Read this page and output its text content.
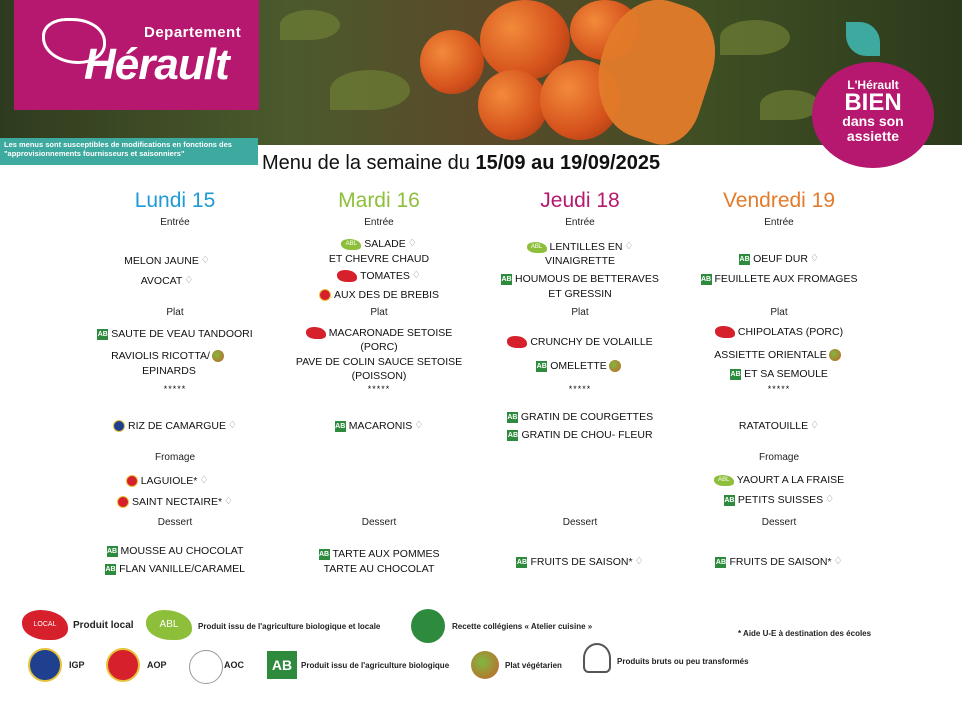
Departement
Hérault
Les menus sont susceptibles de modifications en fonctions des "approvisionnements fournisseurs et saisonniers"
L'Hérault
BIEN
dans son
assiette
Menu de la semaine du 15/09 au 19/09/2025
Lundi 15
Entrée
MELON JAUNE ♢
AVOCAT ♢
Plat
AB SAUTE DE VEAU TANDOORI
RAVIOLIS RICOTTA/
EPINARDS
*****
RIZ DE CAMARGUE ♢
Fromage
LAGUIOLE* ♢
SAINT NECTAIRE* ♢
Dessert
AB MOUSSE AU CHOCOLAT
AB FLAN VANILLE/CARAMEL
Mardi 16
Entrée
ABL SALADE ♢
ET CHEVRE CHAUD
TOMATES ♢
AUX DES DE BREBIS
Plat
MACARONADE SETOISE
(PORC)
PAVE DE COLIN SAUCE SETOISE
(POISSON)
*****
AB MACARONIS ♢
Dessert
AB TARTE AUX POMMES
TARTE AU CHOCOLAT
Jeudi 18
Entrée
ABL LENTILLES EN ♢
VINAIGRETTE
AB HOUMOUS DE BETTERAVES
ET GRESSIN
Plat
CRUNCHY DE VOLAILLE
AB OMELETTE
*****
AB GRATIN DE COURGETTES
AB GRATIN DE CHOU- FLEUR
Dessert
AB FRUITS DE SAISON* ♢
Vendredi 19
Entrée
AB OEUF DUR ♢
AB FEUILLETE AUX FROMAGES
Plat
CHIPOLATAS (PORC)
ASSIETTE ORIENTALE
AB ET SA SEMOULE
*****
RATATOUILLE ♢
Fromage
ABL YAOURT A LA FRAISE
AB PETITS SUISSES ♢
Dessert
AB FRUITS DE SAISON* ♢
LOCAL	Produit local	ABL	Produit issu de l'agriculture biologique et locale	Recette collégiens « Atelier cuisine »
* Aide U-E à destination des écoles
IGP	AOP	AOC	AB	Produit issu de l'agriculture biologique	Plat végétarien	Produits bruts ou peu transformés
